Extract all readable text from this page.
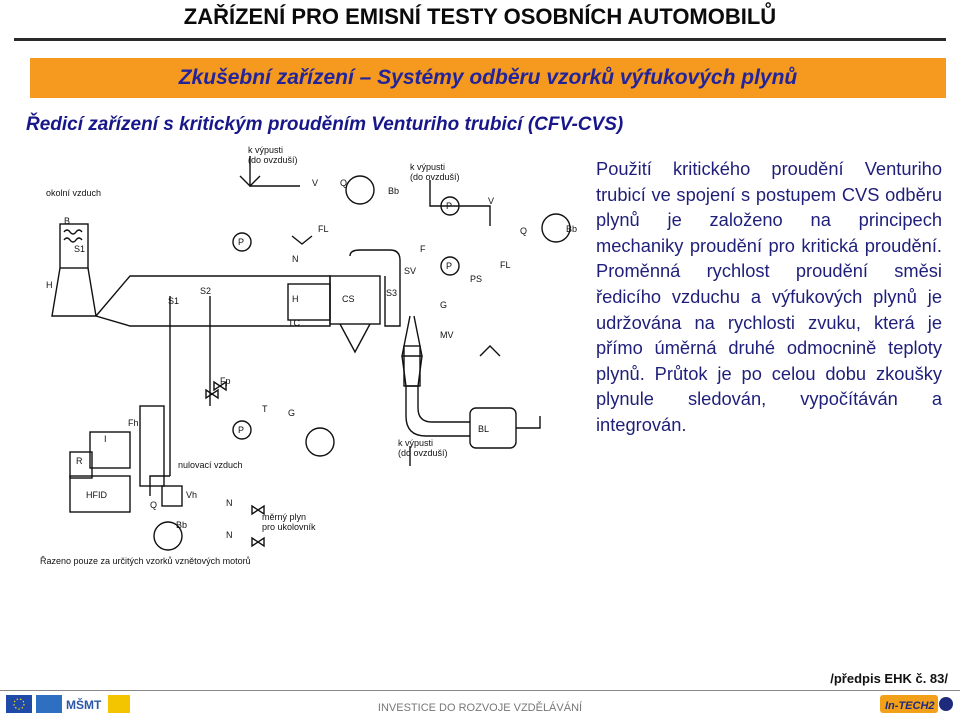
ZAŘÍZENÍ PRO EMISNÍ TESTY OSOBNÍCH AUTOMOBILŮ
Zkušební zařízení – Systémy odběru vzorků výfukových plynů
Ředicí zařízení s kritickým prouděním Venturiho trubicí (CFV-CVS)
k výpusti
(do ovzduší)
k výpusti
(do ovzduší)
k výpusti
(do ovzduší)
okolní vzduch
nulovací vzduch
měrný plyn
pro ukolovník
Řazeno pouze za určitých vzorků vznětových motorů
B
S1
H
S1
S2
H	CS
S3
SV
F
P
P
P
P
PS
G
G
MV
BL
TC
Fp
Fh
T
V
V
Q
Q
Q
Bb
Bb
Bb
FL
FL
N
N
N
I
R
HFID	Vh
Použití kritického proudění Venturiho trubicí ve spojení s postupem CVS odběru plynů je založeno na principech mechaniky proudění pro kritická proudění. Proměnná rychlost proudění směsi ředicího vzduchu a výfukových plynů je udržována na rychlosti zvuku, která je přímo úměrná druhé odmocnině teploty plynů. Průtok je po celou dobu zkoušky plynule sledován, vypočítáván a integrován.
/předpis EHK č. 83/
MŠMT	INVESTICE DO ROZVOJE VZDĚLÁVÁNÍ	In-TECH2
